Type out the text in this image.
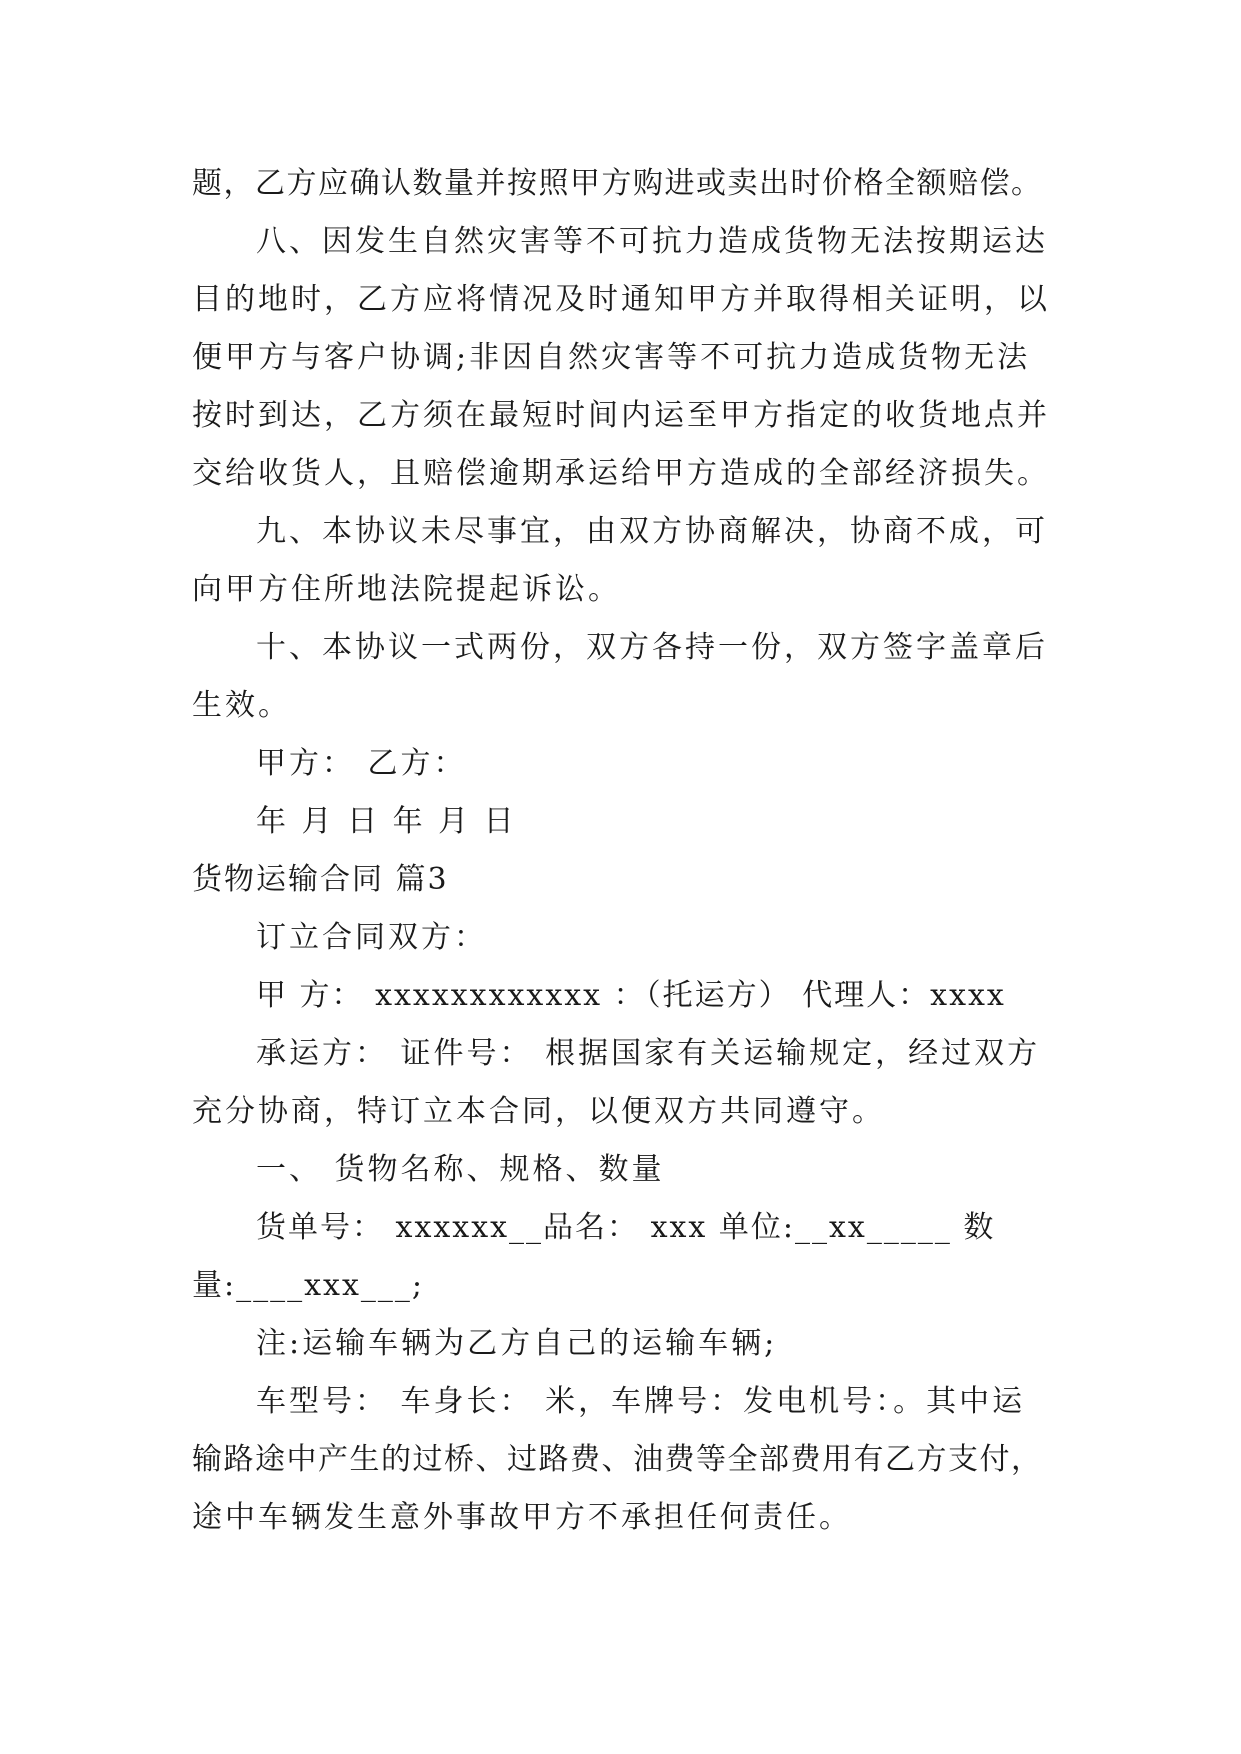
题，乙方应确认数量并按照甲方购进或卖出时价格全额赔偿。
八、因发生自然灾害等不可抗力造成货物无法按期运达
目的地时，乙方应将情况及时通知甲方并取得相关证明，以
便甲方与客户协调;非因自然灾害等不可抗力造成货物无法
按时到达，乙方须在最短时间内运至甲方指定的收货地点并
交给收货人，且赔偿逾期承运给甲方造成的全部经济损失。
九、本协议未尽事宜，由双方协商解决，协商不成，可
向甲方住所地法院提起诉讼。
十、本协议一式两份，双方各持一份，双方签字盖章后
生效。
甲方： 乙方：
年 月 日 年 月 日
货物运输合同 篇3
订立合同双方：
甲 方： xxxxxxxxxxxx ：（托运方） 代理人：xxxx
承运方： 证件号： 根据国家有关运输规定，经过双方
充分协商，特订立本合同，以便双方共同遵守。
一、 货物名称、规格、数量
货单号： xxxxxx__品名： xxx 单位:__xx_____ 数
量:____xxx___;
注:运输车辆为乙方自己的运输车辆;
车型号： 车身长： 米，车牌号：发电机号：。其中运
输路途中产生的过桥、过路费、油费等全部费用有乙方支付，
途中车辆发生意外事故甲方不承担任何责任。
